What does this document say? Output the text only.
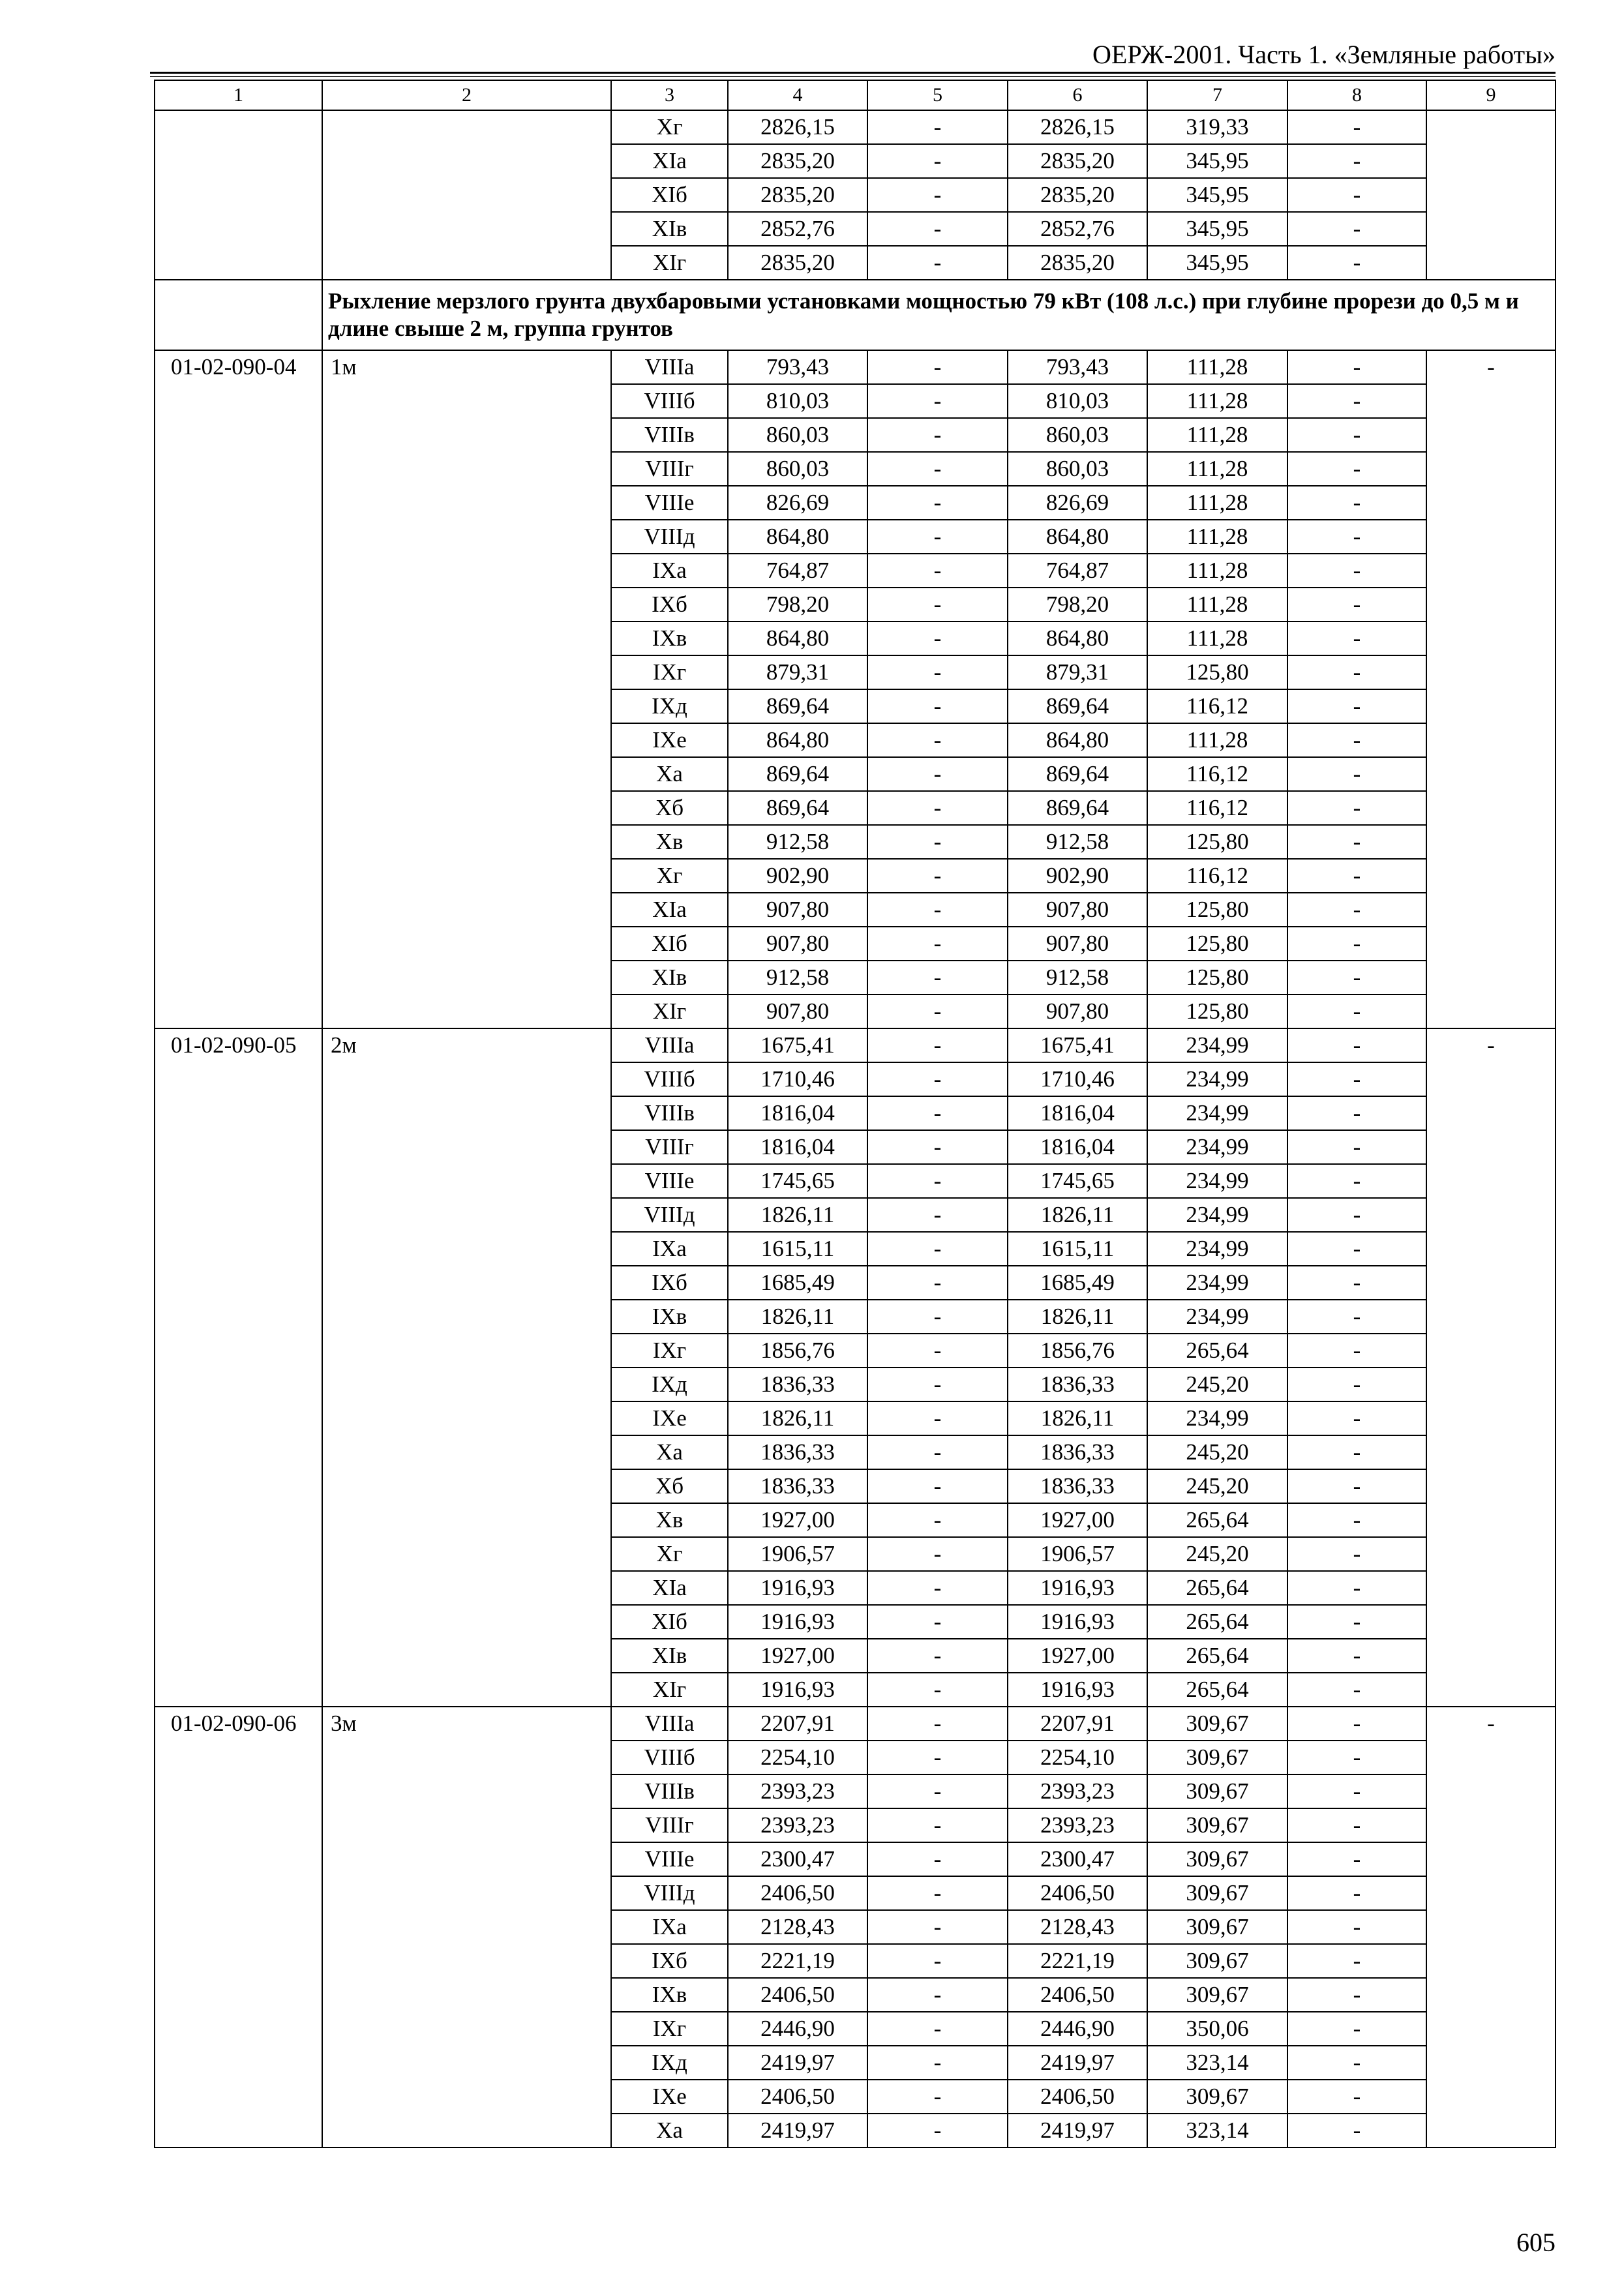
ОЕРЖ-2001. Часть 1. «Земляные работы»
1	2	3	4	5	6	7	8	9
		Xг	2826,15	-	2826,15	319,33	-	
		XIа	2835,20	-	2835,20	345,95	-	
		XIб	2835,20	-	2835,20	345,95	-	
		XIв	2852,76	-	2852,76	345,95	-	
		XIг	2835,20	-	2835,20	345,95	-	
	Рыхление мерзлого грунта двухбаровыми установками мощностью 79 кВт (108 л.с.) при глубине прорези до 0,5 м и длине свыше 2 м, группа грунтов							
01-02-090-04	1м	VIIIа	793,43	-	793,43	111,28	-	-
		VIIIб	810,03	-	810,03	111,28	-	
		VIIIв	860,03	-	860,03	111,28	-	
		VIIIг	860,03	-	860,03	111,28	-	
		VIIIе	826,69	-	826,69	111,28	-	
		VIIIд	864,80	-	864,80	111,28	-	
		IXа	764,87	-	764,87	111,28	-	
		IXб	798,20	-	798,20	111,28	-	
		IXв	864,80	-	864,80	111,28	-	
		IXг	879,31	-	879,31	125,80	-	
		IXд	869,64	-	869,64	116,12	-	
		IXе	864,80	-	864,80	111,28	-	
		Xа	869,64	-	869,64	116,12	-	
		Xб	869,64	-	869,64	116,12	-	
		Xв	912,58	-	912,58	125,80	-	
		Xг	902,90	-	902,90	116,12	-	
		XIа	907,80	-	907,80	125,80	-	
		XIб	907,80	-	907,80	125,80	-	
		XIв	912,58	-	912,58	125,80	-	
		XIг	907,80	-	907,80	125,80	-	
01-02-090-05	2м	VIIIа	1675,41	-	1675,41	234,99	-	-
		VIIIб	1710,46	-	1710,46	234,99	-	
		VIIIв	1816,04	-	1816,04	234,99	-	
		VIIIг	1816,04	-	1816,04	234,99	-	
		VIIIе	1745,65	-	1745,65	234,99	-	
		VIIIд	1826,11	-	1826,11	234,99	-	
		IXа	1615,11	-	1615,11	234,99	-	
		IXб	1685,49	-	1685,49	234,99	-	
		IXв	1826,11	-	1826,11	234,99	-	
		IXг	1856,76	-	1856,76	265,64	-	
		IXд	1836,33	-	1836,33	245,20	-	
		IXе	1826,11	-	1826,11	234,99	-	
		Xа	1836,33	-	1836,33	245,20	-	
		Xб	1836,33	-	1836,33	245,20	-	
		Xв	1927,00	-	1927,00	265,64	-	
		Xг	1906,57	-	1906,57	245,20	-	
		XIа	1916,93	-	1916,93	265,64	-	
		XIб	1916,93	-	1916,93	265,64	-	
		XIв	1927,00	-	1927,00	265,64	-	
		XIг	1916,93	-	1916,93	265,64	-	
01-02-090-06	3м	VIIIа	2207,91	-	2207,91	309,67	-	-
		VIIIб	2254,10	-	2254,10	309,67	-	
		VIIIв	2393,23	-	2393,23	309,67	-	
		VIIIг	2393,23	-	2393,23	309,67	-	
		VIIIе	2300,47	-	2300,47	309,67	-	
		VIIIд	2406,50	-	2406,50	309,67	-	
		IXа	2128,43	-	2128,43	309,67	-	
		IXб	2221,19	-	2221,19	309,67	-	
		IXв	2406,50	-	2406,50	309,67	-	
		IXг	2446,90	-	2446,90	350,06	-	
		IXд	2419,97	-	2419,97	323,14	-	
		IXе	2406,50	-	2406,50	309,67	-	
		Xа	2419,97	-	2419,97	323,14	-	
605
